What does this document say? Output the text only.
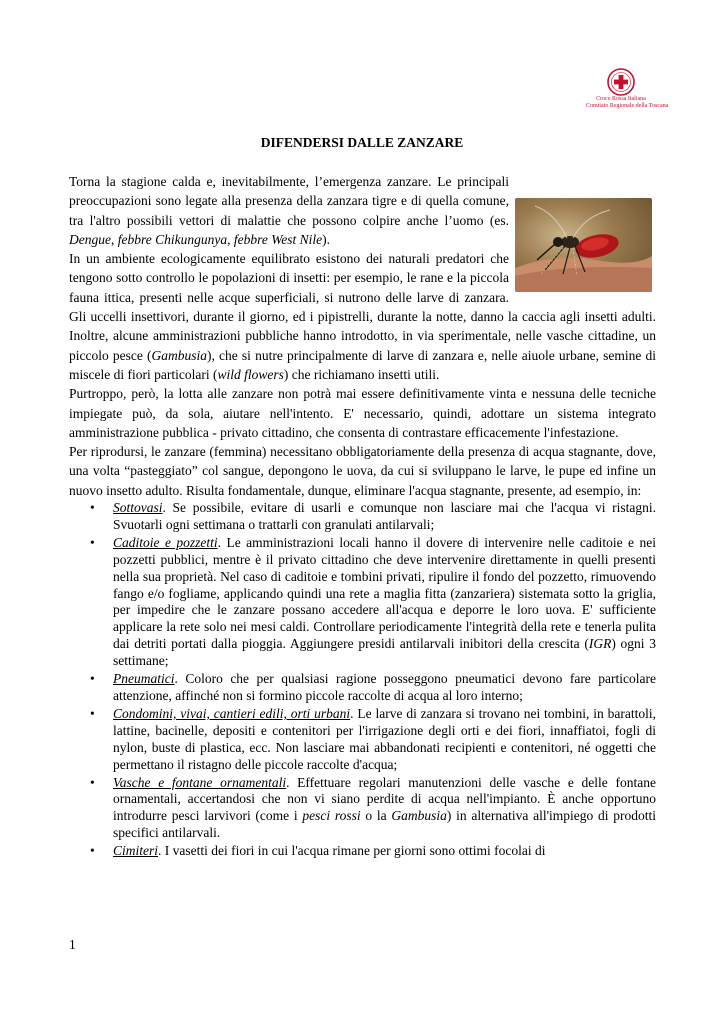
Croce Rossa Italiana
Comitato Regionale della Toscana
DIFENDERSI DALLE ZANZARE

Torna la stagione calda e, inevitabilmente, l’emergenza zanzare. Le principali preoccupazioni sono legate alla presenza della zanzara tigre e di quella comune, tra l'altro possibili vettori di malattie che possono colpire anche l’uomo (es. Dengue, febbre Chikungunya, febbre West Nile).

In un ambiente ecologicamente equilibrato esistono dei naturali predatori che tengono sotto controllo le popolazioni di insetti: per esempio, le rane e la piccola fauna ittica, presenti nelle acque superficiali, si nutrono delle larve di zanzara. Gli uccelli insettivori, durante il giorno, ed i pipistrelli, durante la notte, danno la caccia agli insetti adulti. Inoltre, alcune amministrazioni pubbliche hanno introdotto, in via sperimentale, nelle vasche cittadine, un piccolo pesce (Gambusia), che si nutre principalmente di larve di zanzara e, nelle aiuole urbane, semine di miscele di fiori particolari (wild flowers) che richiamano insetti utili.

Purtroppo, però, la lotta alle zanzare non potrà mai essere definitivamente vinta e nessuna delle tecniche impiegate può, da sola, aiutare nell'intento. E' necessario, quindi, adottare un sistema integrato amministrazione pubblica - privato cittadino, che consenta di contrastare efficacemente l'infestazione.

Per riprodursi, le zanzare (femmina) necessitano obbligatoriamente della presenza di acqua stagnante, dove, una volta “pasteggiato” col sangue, depongono le uova, da cui si sviluppano le larve, le pupe ed infine un nuovo insetto adulto. Risulta fondamentale, dunque, eliminare l'acqua stagnante, presente, ad esempio, in:

• Sottovasi. Se possibile, evitare di usarli e comunque non lasciare mai che l'acqua vi ristagni. Svuotarli ogni settimana o trattarli con granulati antilarvali;
• Caditoie e pozzetti. Le amministrazioni locali hanno il dovere di intervenire nelle caditoie e nei pozzetti pubblici, mentre è il privato cittadino che deve intervenire direttamente in quelli presenti nella sua proprietà. Nel caso di caditoie e tombini privati, ripulire il fondo del pozzetto, rimuovendo fango e/o fogliame, applicando quindi una rete a maglia fitta (zanzariera) sistemata sotto la griglia, per impedire che le zanzare possano accedere all'acqua e deporre le loro uova. E' sufficiente applicare la rete solo nei mesi caldi. Controllare periodicamente l'integrità della rete e tenerla pulita dai detriti portati dalla pioggia. Aggiungere presidi antilarvali inibitori della crescita (IGR) ogni 3 settimane;
• Pneumatici. Coloro che per qualsiasi ragione posseggono pneumatici devono fare particolare attenzione, affinché non si formino piccole raccolte di acqua al loro interno;
• Condomini, vivai, cantieri edili, orti urbani. Le larve di zanzara si trovano nei tombini, in barattoli, lattine, bacinelle, depositi e contenitori per l'irrigazione degli orti e dei fiori, innaffiatoi, fogli di nylon, buste di plastica, ecc. Non lasciare mai abbandonati recipienti e contenitori, né oggetti che permettano il ristagno delle piccole raccolte d'acqua;
• Vasche e fontane ornamentali. Effettuare regolari manutenzioni delle vasche e delle fontane ornamentali, accertandosi che non vi siano perdite di acqua nell'impianto. È anche opportuno introdurre pesci larvivori (come i pesci rossi o la Gambusia) in alternativa all'impiego di prodotti specifici antilarvali.
• Cimiteri. I vasetti dei fiori in cui l'acqua rimane per giorni sono ottimi focolai di
1
